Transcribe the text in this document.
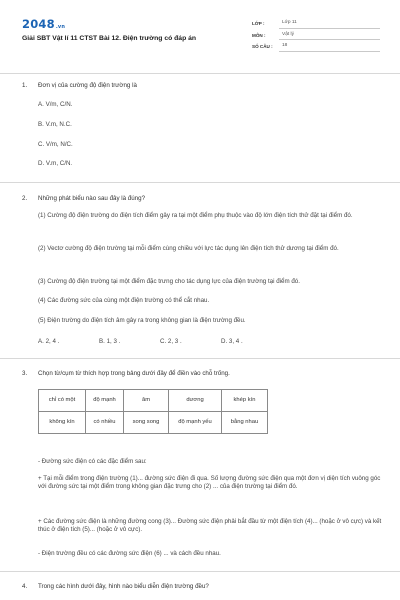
2048.vn
Giải SBT Vật lí 11 CTST Bài 12. Điện trường có đáp án
LỚP :	Lớp 11
MÔN :	Vật lý
SỐ CÂU :	18
1.	Đơn vị của cường độ điện trường là
A. V/m, C/N.
B. V.m, N.C.
C. V/m, N/C.
D. V.m, C/N.
2.	Những phát biểu nào sau đây là đúng?
(1) Cường độ điện trường do điện tích điểm gây ra tại một điểm phụ thuộc vào độ lớn điện tích thử đặt tại điểm đó.
(2) Vectơ cường độ điện trường tại mỗi điểm cùng chiều với lực tác dụng lên điện tích thử dương tại điểm đó.
(3) Cường độ điện trường tại một điểm đặc trưng cho tác dụng lực của điện trường tại điểm đó.
(4) Các đường sức của cùng một điện trường có thể cắt nhau.
(5) Điện trường do điện tích âm gây ra trong không gian là điện trường đều.
A. 2, 4 .	B. 1, 3 .	C. 2, 3 .	D. 3, 4 .
3.	Chọn từ/cụm từ thích hợp trong bảng dưới đây để điền vào chỗ trống.
chỉ có một	độ mạnh	âm	dương	khép kín
không kín	có nhiều	song song	độ mạnh yếu	bằng nhau
- Đường sức điện có các đặc điểm sau:
+ Tại mỗi điểm trong điện trường (1)... đường sức điện đi qua. Số lượng đường sức điện qua một đơn vị diện tích vuông góc với đường sức tại một điểm trong không gian đặc trưng cho (2) ... của điện trường tại điểm đó.
+ Các đường sức điện là những đường cong (3)... Đường sức điện phải bắt đầu từ một điện tích (4)... (hoặc ở vô cực) và kết thúc ở điện tích (5)... (hoặc ở vô cực).
- Điện trường đều có các đường sức điện (6) ... và cách đều nhau.
4.	Trong các hình dưới đây, hình nào biểu diễn điện trường đều?
